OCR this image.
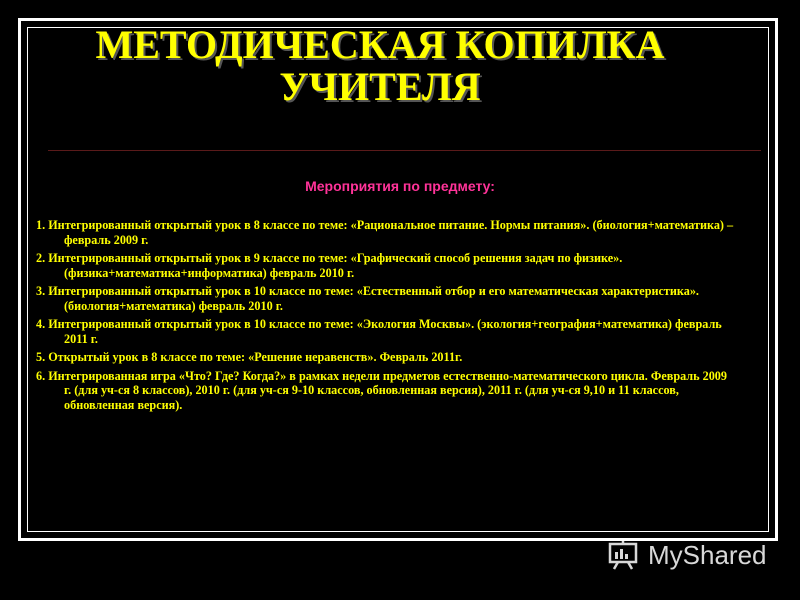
МЕТОДИЧЕСКАЯ КОПИЛКА
УЧИТЕЛЯ

Мероприятия по предмету:

1. Интегрированный открытый урок в 8 классе по теме: «Рациональное питание. Нормы питания». (биология+математика) – февраль 2009 г.
2. Интегрированный открытый урок в 9 классе по теме: «Графический способ решения задач по физике». (физика+математика+информатика) февраль 2010 г.
3. Интегрированный открытый урок в 10 классе по теме: «Естественный отбор и его математическая характеристика». (биология+математика) февраль 2010 г.
4. Интегрированный открытый урок в 10 классе по теме: «Экология Москвы». (экология+география+математика) февраль 2011 г.
5. Открытый урок в 8 классе по теме: «Решение неравенств». Февраль 2011г.
6. Интегрированная игра «Что? Где? Когда?» в рамках недели предметов естественно-математического цикла. Февраль 2009 г. (для уч-ся 8 классов), 2010 г. (для уч-ся 9-10 классов, обновленная версия), 2011 г. (для уч-ся 9,10 и 11 классов, обновленная версия).
MyShared
